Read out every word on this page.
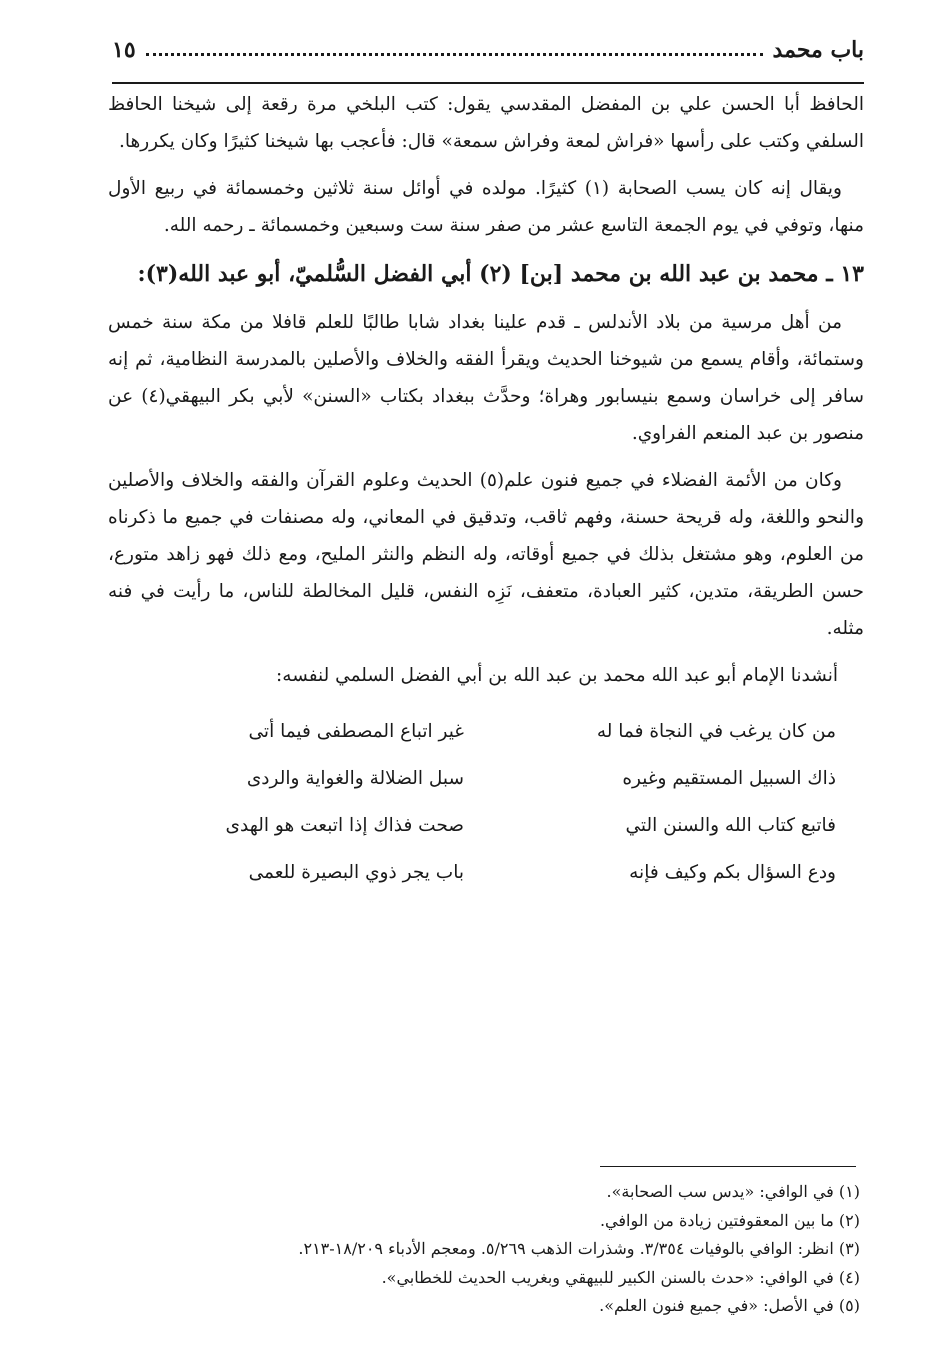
باب محمد
١٥

الحافظ أبا الحسن علي بن المفضل المقدسي يقول: كتب البلخي مرة رقعة إلى شيخنا الحافظ السلفي وكتب على رأسها «فراش لمعة وفراش سمعة» قال: فأعجب بها شيخنا كثيرًا وكان يكررها.

ويقال إنه كان يسب الصحابة (١) كثيرًا. مولده في أوائل سنة ثلاثين وخمسمائة في ربيع الأول منها، وتوفي في يوم الجمعة التاسع عشر من صفر سنة ست وسبعين وخمسمائة ـ رحمه الله.

١٣ ـ محمد بن عبد الله بن محمد [بن] (٢) أبي الفضل السُّلميّ، أبو عبد الله(٣):

من أهل مرسية من بلاد الأندلس ـ قدم علينا بغداد شابا طالبًا للعلم قافلا من مكة سنة خمس وستمائة، وأقام يسمع من شيوخنا الحديث ويقرأ الفقه والخلاف والأصلين بالمدرسة النظامية، ثم إنه سافر إلى خراسان وسمع بنيسابور وهراة؛ وحدَّث ببغداد بكتاب «السنن» لأبي بكر البيهقي(٤) عن منصور بن عبد المنعم الفراوي.

وكان من الأئمة الفضلاء في جميع فنون علم(٥) الحديث وعلوم القرآن والفقه والخلاف والأصلين والنحو واللغة، وله قريحة حسنة، وفهم ثاقب، وتدقيق في المعاني، وله مصنفات في جميع ما ذكرناه من العلوم، وهو مشتغل بذلك في جميع أوقاته، وله النظم والنثر المليح، ومع ذلك فهو زاهد متورع، حسن الطريقة، متدين، كثير العبادة، متعفف، نَزِه النفس، قليل المخالطة للناس، ما رأيت في فنه مثله.

أنشدنا الإمام أبو عبد الله محمد بن عبد الله بن أبي الفضل السلمي لنفسه:
من كان يرغب في النجاة فما له
غير اتباع المصطفى فيما أتى
ذاك السبيل المستقيم وغيره
سبل الضلالة والغواية والردى
فاتبع كتاب الله والسنن التي
صحت فذاك إذا اتبعت هو الهدى
ودع السؤال بكم وكيف فإنه
باب يجر ذوي البصيرة للعمى
(١) في الوافي: «يدس سب الصحابة».
(٢) ما بين المعقوفتين زيادة من الوافي.
(٣) انظر: الوافي بالوفيات ٣/٣٥٤. وشذرات الذهب ٥/٢٦٩. ومعجم الأدباء ١٨/٢٠٩-٢١٣.
(٤) في الوافي: «حدث بالسنن الكبير للبيهقي وبغريب الحديث للخطابي».
(٥) في الأصل: «في جميع فنون العلم».
